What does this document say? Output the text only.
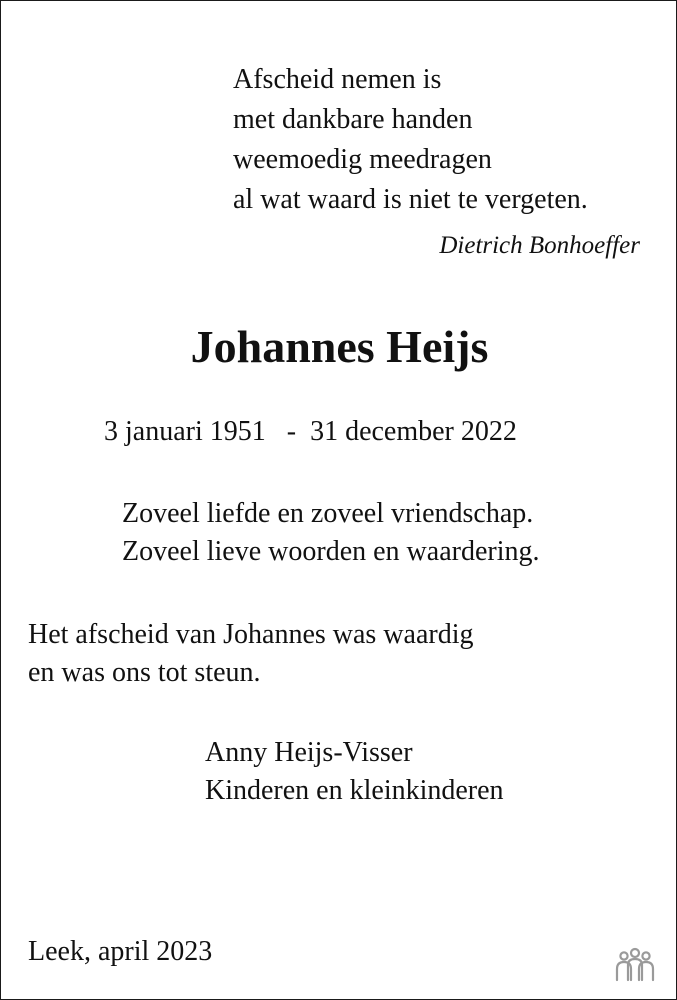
Afscheid nemen is
met dankbare handen
weemoedig meedragen
al wat waard is niet te vergeten.
Dietrich Bonhoeffer
Johannes Heijs
3 januari 1951   -  31 december 2022
Zoveel liefde en zoveel vriendschap.
Zoveel lieve woorden en waardering.
Het afscheid van Johannes was waardig
en was ons tot steun.
Anny Heijs-Visser
Kinderen en kleinkinderen
Leek, april 2023
